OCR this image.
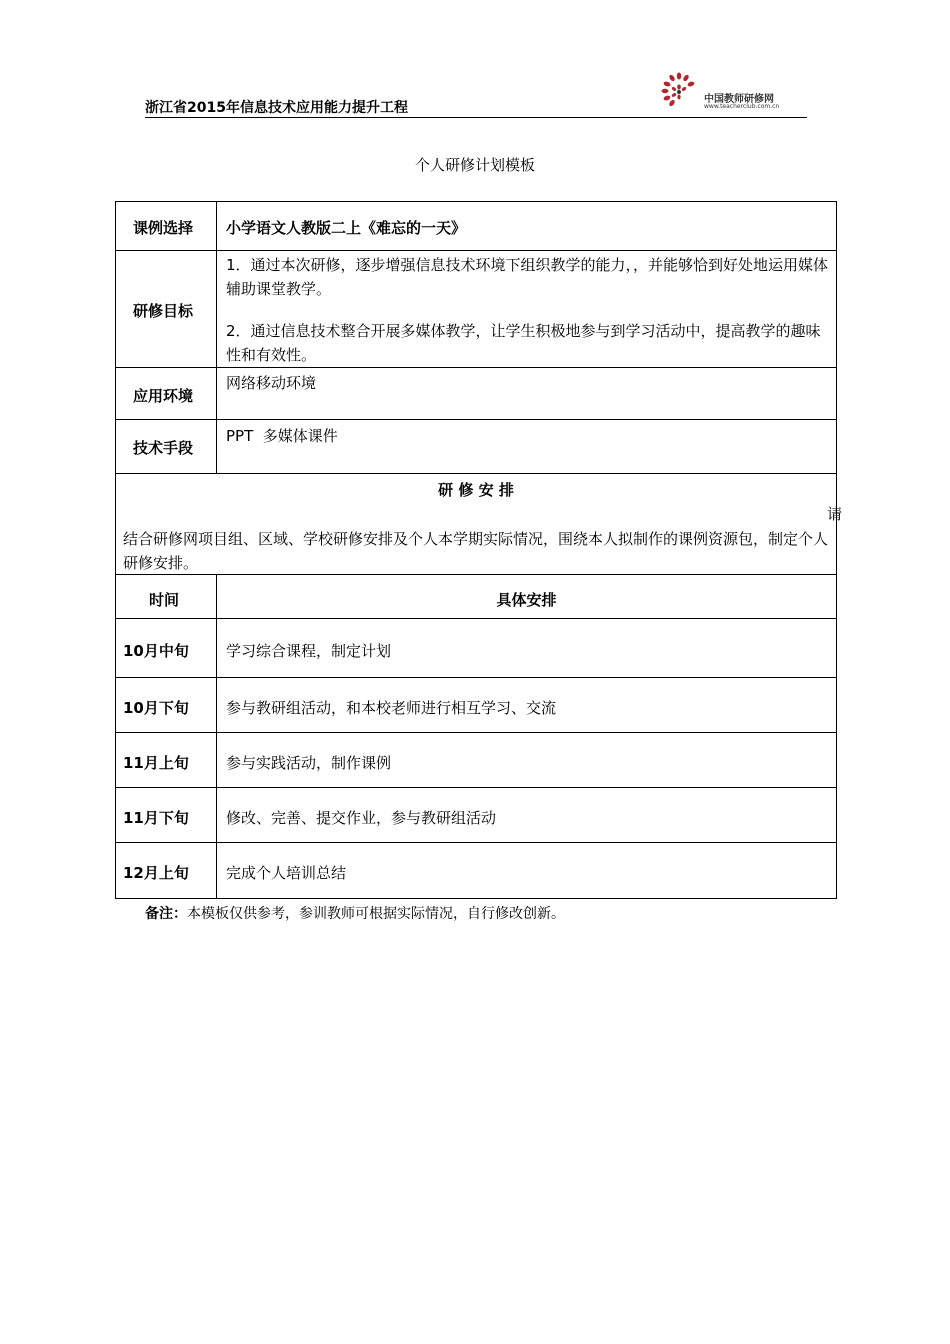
浙江省2015年信息技术应用能力提升工程
中国教师研修网
www.teacherclub.com.cn
个人研修计划模板
课例选择 小学语文人教版二上《难忘的一天》
研修目标
1．通过本次研修，逐步增强信息技术环境下组织教学的能力，，并能够恰到好处地运用媒体辅助课堂教学。
2．通过信息技术整合开展多媒体教学，让学生积极地参与到学习活动中，提高教学的趣味性和有效性。
应用环境
网络移动环境
技术手段
PPT  多媒体课件
研 修 安 排
请
结合研修网项目组、区域、学校研修安排及个人本学期实际情况，围绕本人拟制作的课例资源包，制定个人研修安排。
时间	具体安排
10月中旬 学习综合课程，制定计划
10月下旬 参与教研组活动，和本校老师进行相互学习、交流
11月上旬 参与实践活动，制作课例
11月下旬 修改、完善、提交作业，参与教研组活动
12月上旬 完成个人培训总结
备注：本模板仅供参考，参训教师可根据实际情况，自行修改创新。
